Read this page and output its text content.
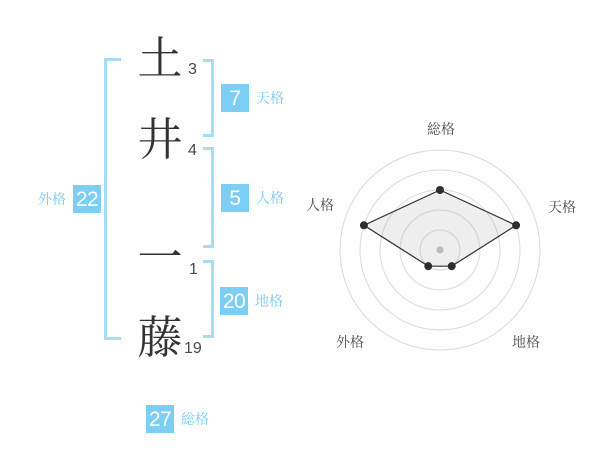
土 3
井 4
一 1
藤 19
7	天格
5	人格
20 地格
外格 22
27 総格
総格
天格
地格
外格
人格
